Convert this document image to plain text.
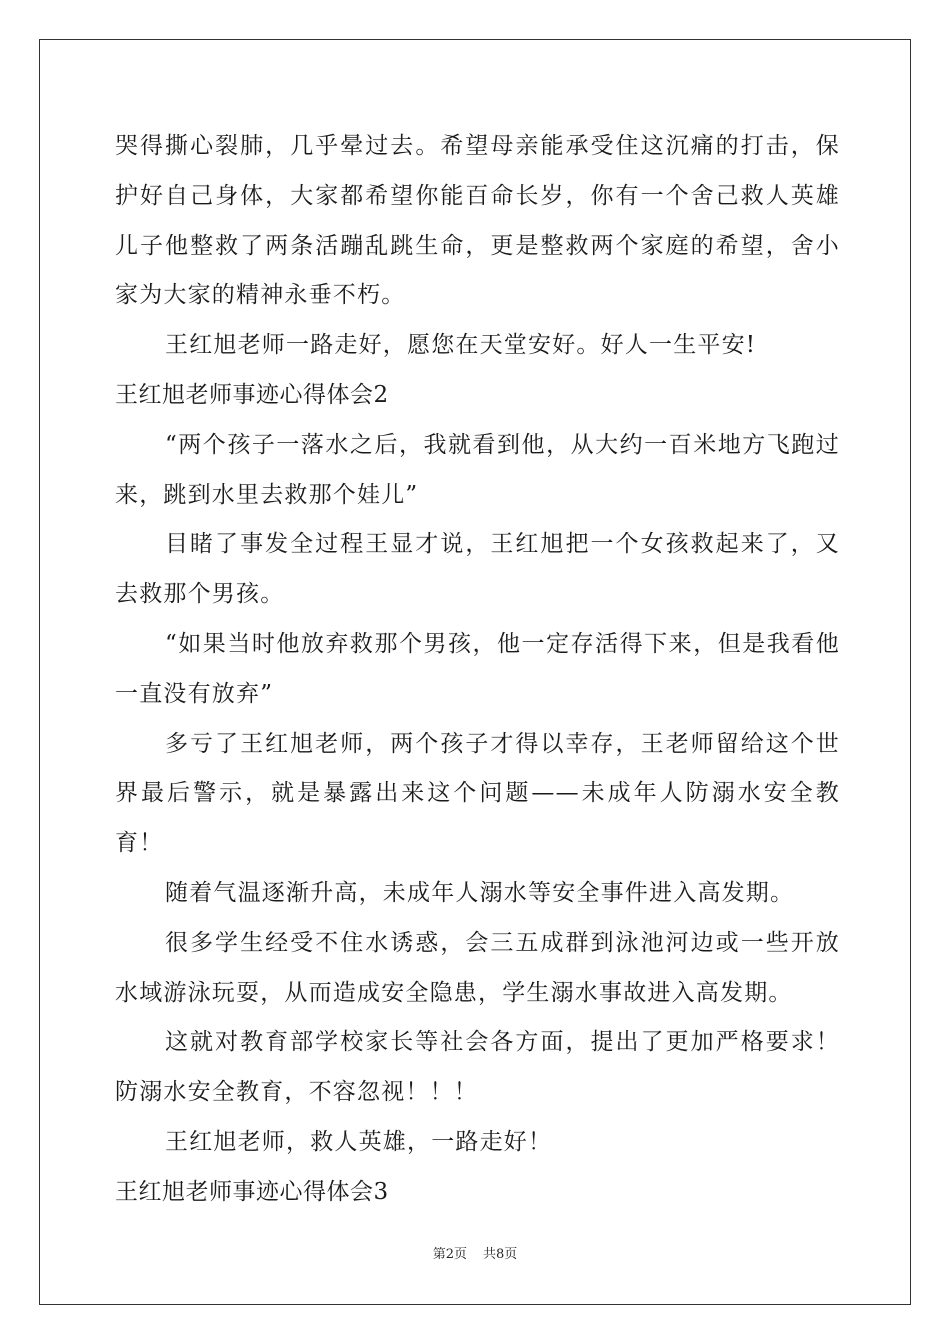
哭得撕心裂肺，几乎晕过去。希望母亲能承受住这沉痛的打击，保护好自己身体，大家都希望你能百命长岁，你有一个舍己救人英雄儿子他整救了两条活蹦乱跳生命，更是整救两个家庭的希望，舍小家为大家的精神永垂不朽。

王红旭老师一路走好，愿您在天堂安好。好人一生平安!

王红旭老师事迹心得体会2

“两个孩子一落水之后，我就看到他，从大约一百米地方飞跑过来，跳到水里去救那个娃儿”

目睹了事发全过程王显才说，王红旭把一个女孩救起来了，又去救那个男孩。

“如果当时他放弃救那个男孩，他一定存活得下来，但是我看他一直没有放弃”

多亏了王红旭老师，两个孩子才得以幸存，王老师留给这个世界最后警示，就是暴露出来这个问题——未成年人防溺水安全教育！

随着气温逐渐升高，未成年人溺水等安全事件进入高发期。

很多学生经受不住水诱惑，会三五成群到泳池河边或一些开放水域游泳玩耍，从而造成安全隐患，学生溺水事故进入高发期。

这就对教育部学校家长等社会各方面，提出了更加严格要求！防溺水安全教育，不容忽视！！！

王红旭老师，救人英雄，一路走好！

王红旭老师事迹心得体会3

第2页 共8页
